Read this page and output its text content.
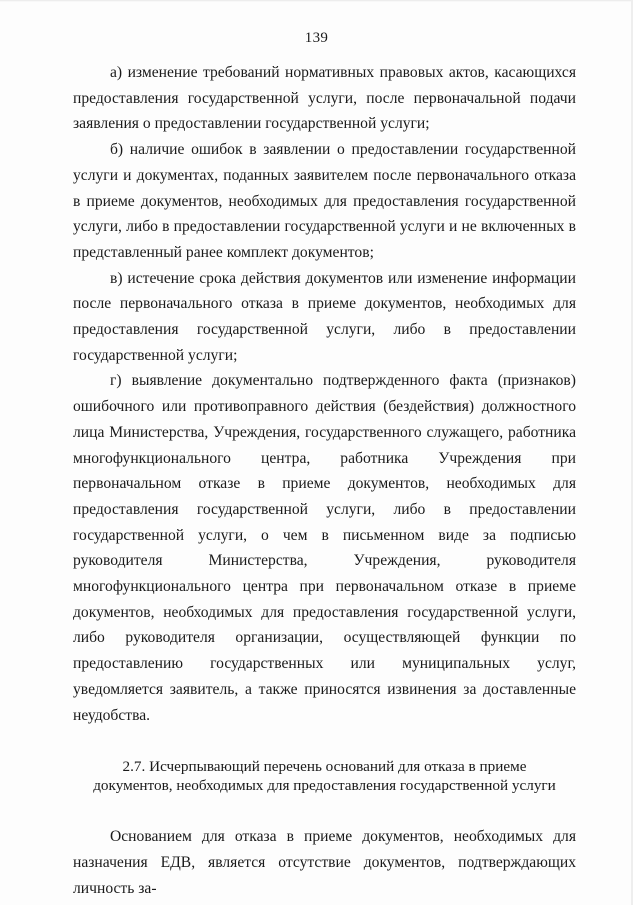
139

а) изменение требований нормативных правовых актов, касающихся предоставления государственной услуги, после первоначальной подачи заявления о предоставлении государственной услуги;

б) наличие ошибок в заявлении о предоставлении государственной услуги и документах, поданных заявителем после первоначального отказа в приеме документов, необходимых для предоставления государственной услуги, либо в предоставлении государственной услуги и не включенных в представленный ранее комплект документов;

в) истечение срока действия документов или изменение информации после первоначального отказа в приеме документов, необходимых для предоставления государственной услуги, либо в предоставлении государственной услуги;

г) выявление документально подтвержденного факта (признаков) ошибочного или противоправного действия (бездействия) должностного лица Министерства, Учреждения, государственного служащего, работника многофункционального центра, работника Учреждения при первоначальном отказе в приеме документов, необходимых для предоставления государственной услуги, либо в предоставлении государственной услуги, о чем в письменном виде за подписью руководителя Министерства, Учреждения, руководителя многофункционального центра при первоначальном отказе в приеме документов, необходимых для предоставления государственной услуги, либо руководителя организации, осуществляющей функции по предоставлению государственных или муниципальных услуг, уведомляется заявитель, а также приносятся извинения за доставленные неудобства.

2.7. Исчерпывающий перечень оснований для отказа в приеме документов, необходимых для предоставления государственной услуги

Основанием для отказа в приеме документов, необходимых для назначения ЕДВ, является отсутствие документов, подтверждающих личность за-
